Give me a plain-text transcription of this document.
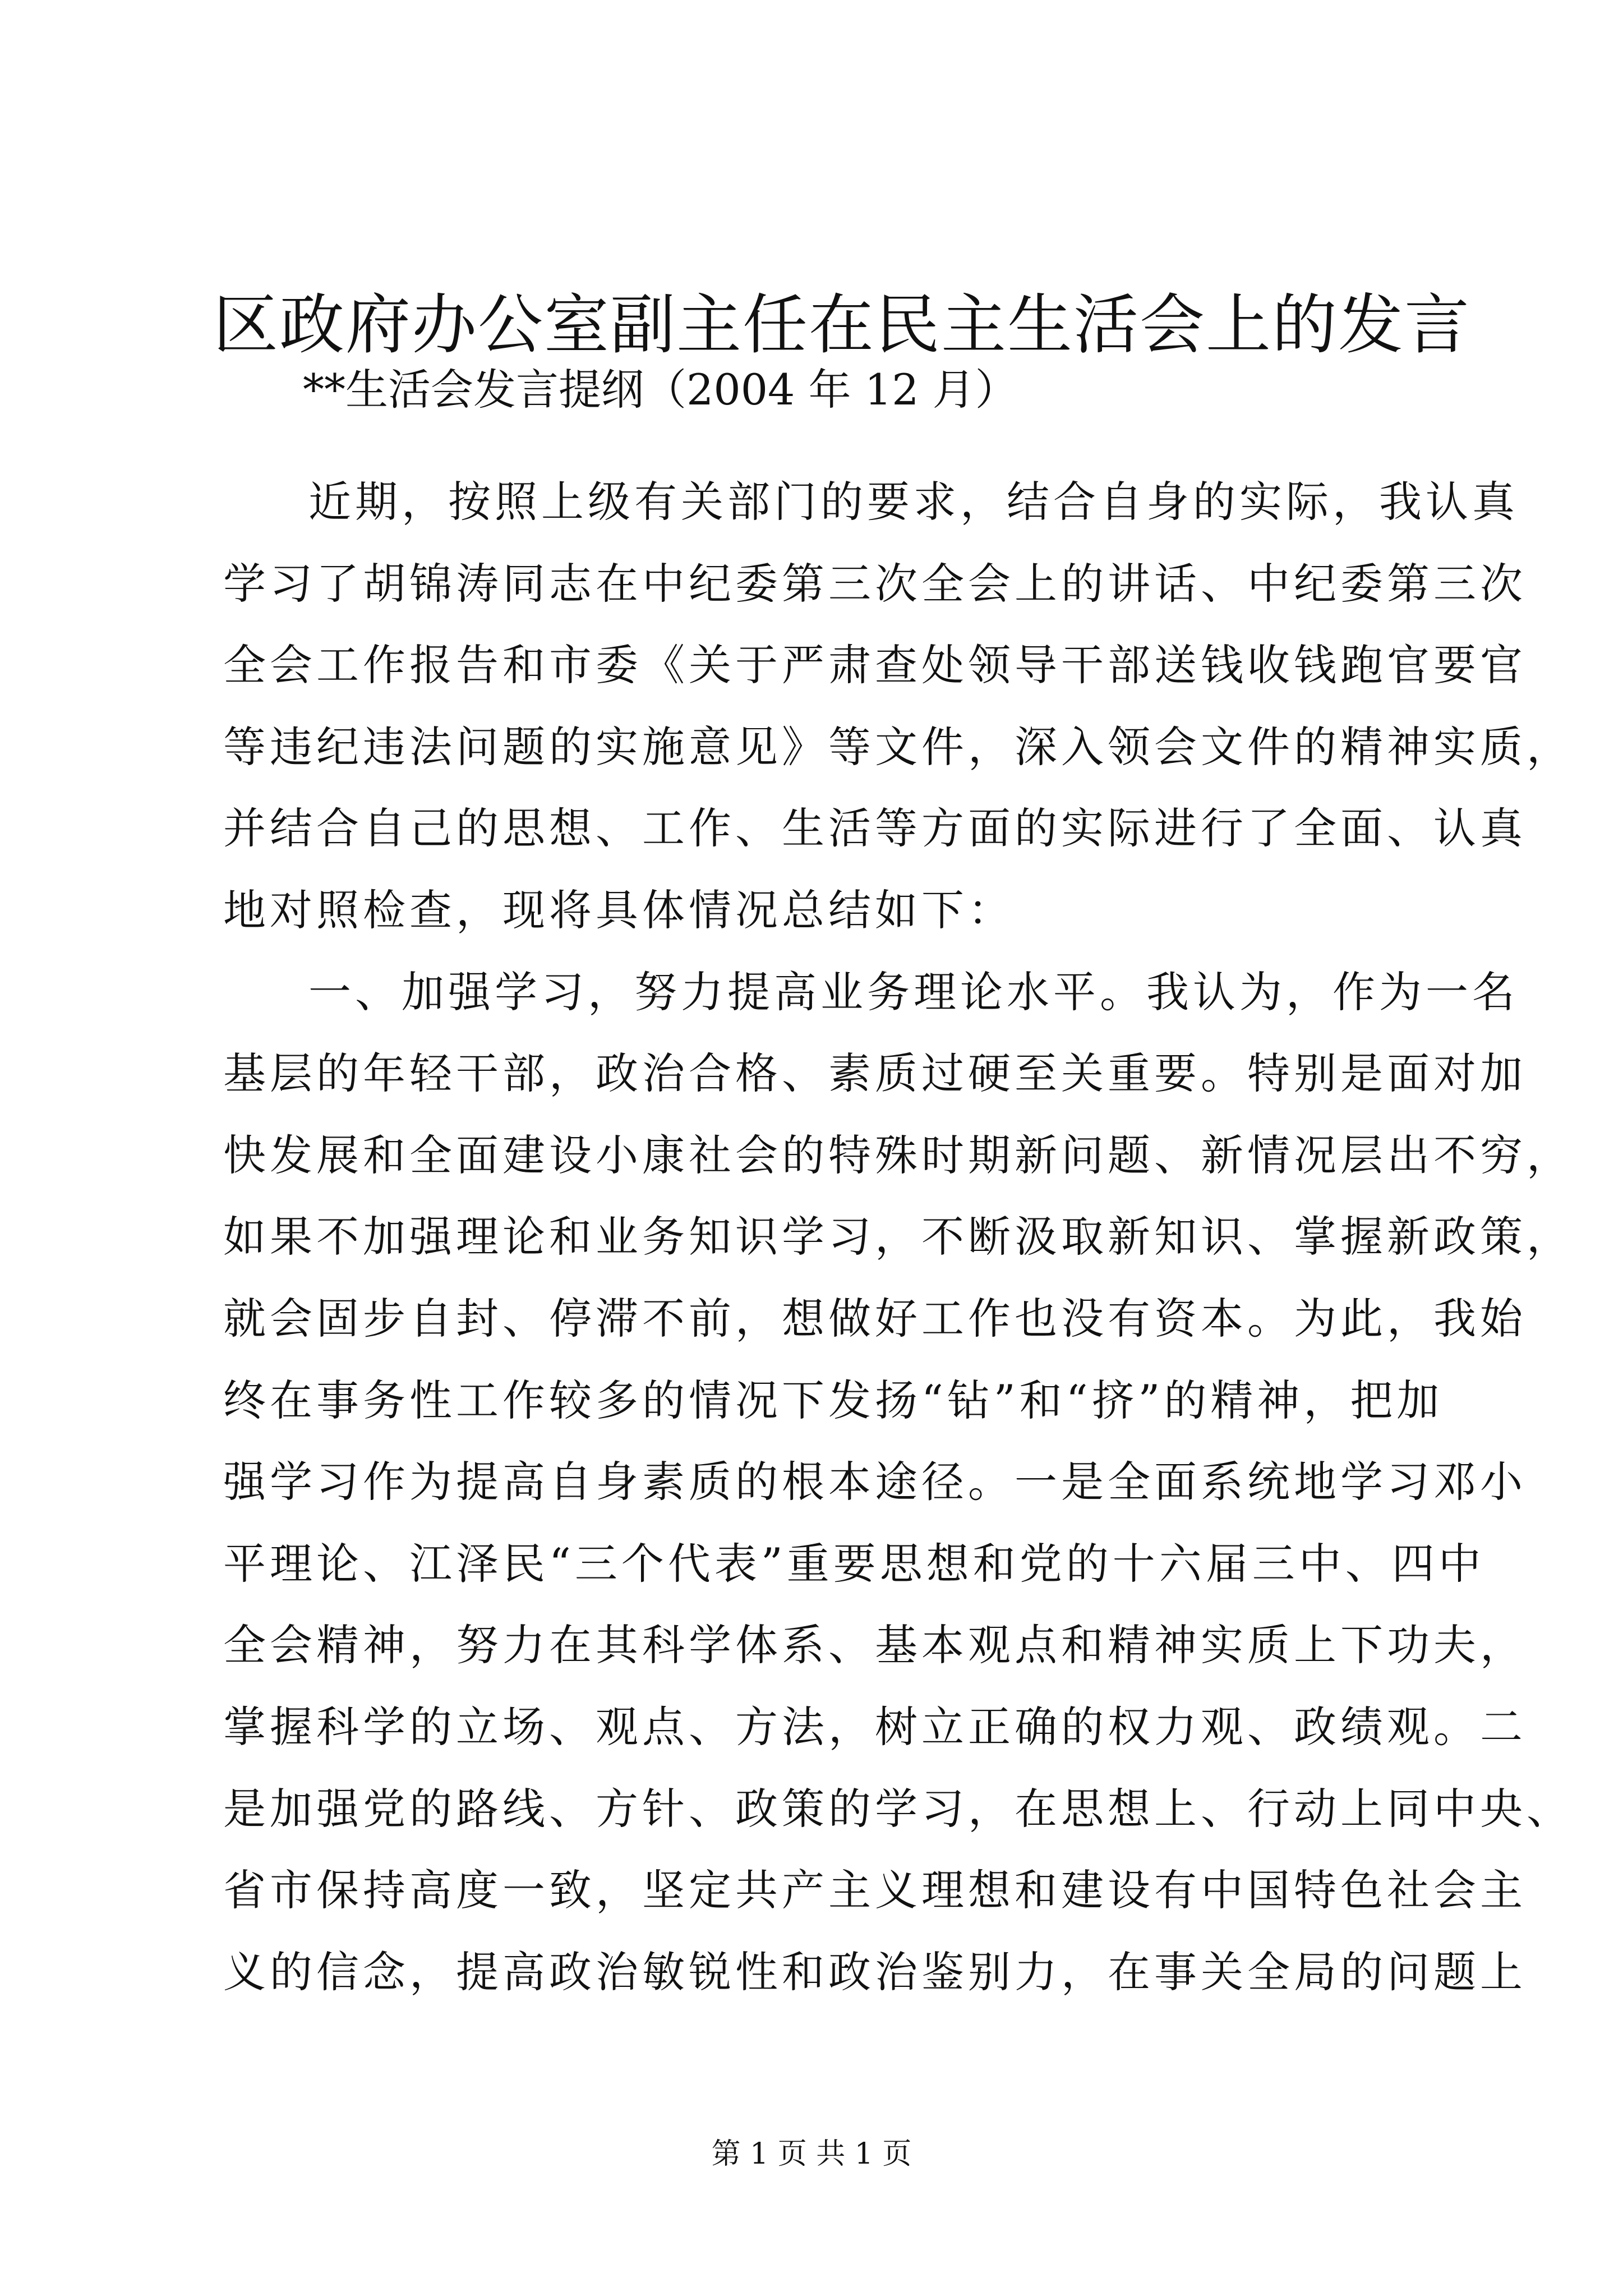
区政府办公室副主任在民主生活会上的发言
**生活会发言提纲（2004 年 12 月）
近期，按照上级有关部门的要求，结合自身的实际，我认真
学习了胡锦涛同志在中纪委第三次全会上的讲话、中纪委第三次
全会工作报告和市委《关于严肃查处领导干部送钱收钱跑官要官
等违纪违法问题的实施意见》等文件，深入领会文件的精神实质，
并结合自己的思想、工作、生活等方面的实际进行了全面、认真
地对照检查，现将具体情况总结如下：
一、加强学习，努力提高业务理论水平。我认为，作为一名
基层的年轻干部，政治合格、素质过硬至关重要。特别是面对加
快发展和全面建设小康社会的特殊时期新问题、新情况层出不穷，
如果不加强理论和业务知识学习，不断汲取新知识、掌握新政策，
就会固步自封、停滞不前，想做好工作也没有资本。为此，我始
终在事务性工作较多的情况下发扬“钻”和“挤”的精神，把加
强学习作为提高自身素质的根本途径。一是全面系统地学习邓小
平理论、江泽民“三个代表”重要思想和党的十六届三中、四中
全会精神，努力在其科学体系、基本观点和精神实质上下功夫，
掌握科学的立场、观点、方法，树立正确的权力观、政绩观。二
是加强党的路线、方针、政策的学习，在思想上、行动上同中央、
省市保持高度一致，坚定共产主义理想和建设有中国特色社会主
义的信念，提高政治敏锐性和政治鉴别力，在事关全局的问题上
第 1 页 共 1 页
